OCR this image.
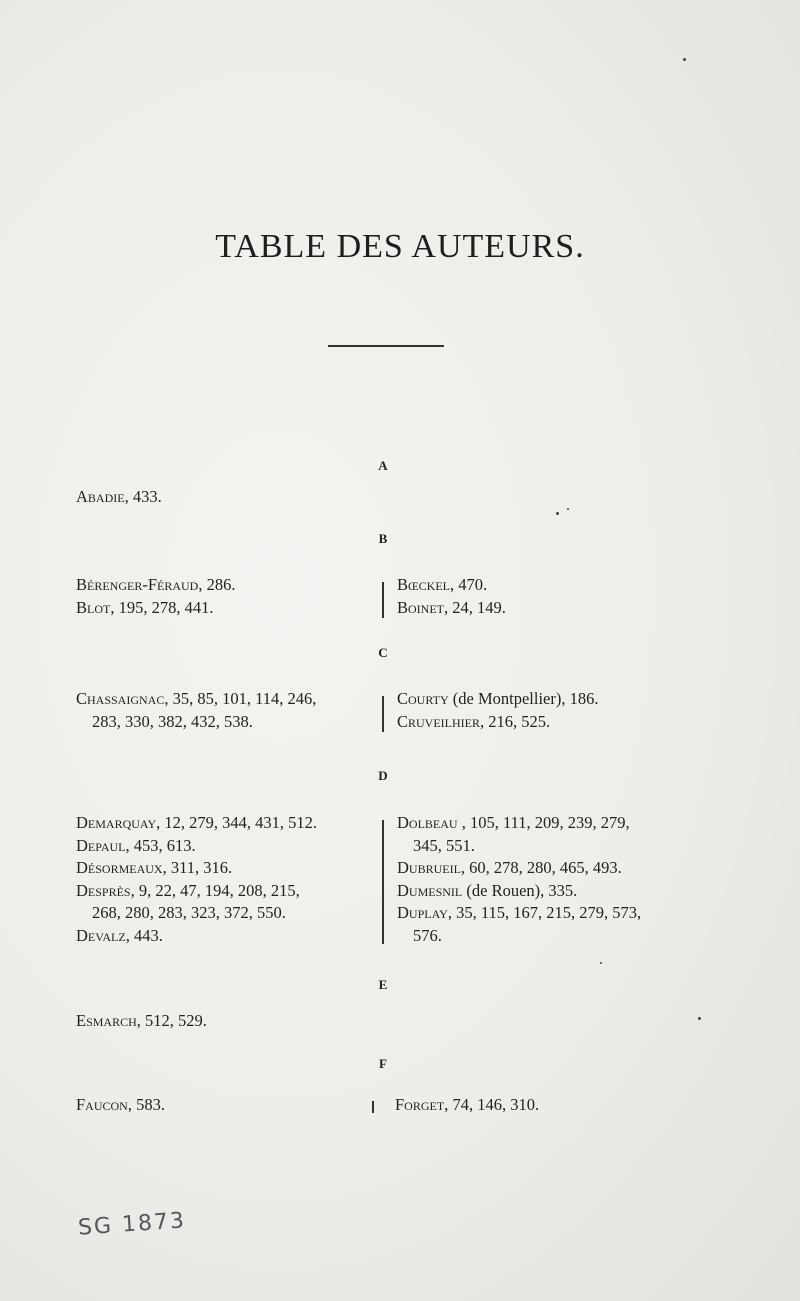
TABLE DES AUTEURS.
A
B
C
D
E
F
Abadie, 433.
Bérenger-Féraud, 286.
Blot, 195, 278, 441.
Bœckel, 470.
Boinet, 24, 149.
Chassaignac, 35, 85, 101, 114, 246,
283, 330, 382, 432, 538.
Courty (de Montpellier), 186.
Cruveilhier, 216, 525.
Demarquay, 12, 279, 344, 431, 512.
Depaul, 453, 613.
Désormeaux, 311, 316.
Desprès, 9, 22, 47, 194, 208, 215,
268, 280, 283, 323, 372, 550.
Devalz, 443.
Dolbeau , 105, 111, 209, 239, 279,
345, 551.
Dubrueil, 60, 278, 280, 465, 493.
Dumesnil (de Rouen), 335.
Duplay, 35, 115, 167, 215, 279, 573,
576.
Esmarch, 512, 529.
Faucon, 583.	Forget, 74, 146, 310.
SG 1873
